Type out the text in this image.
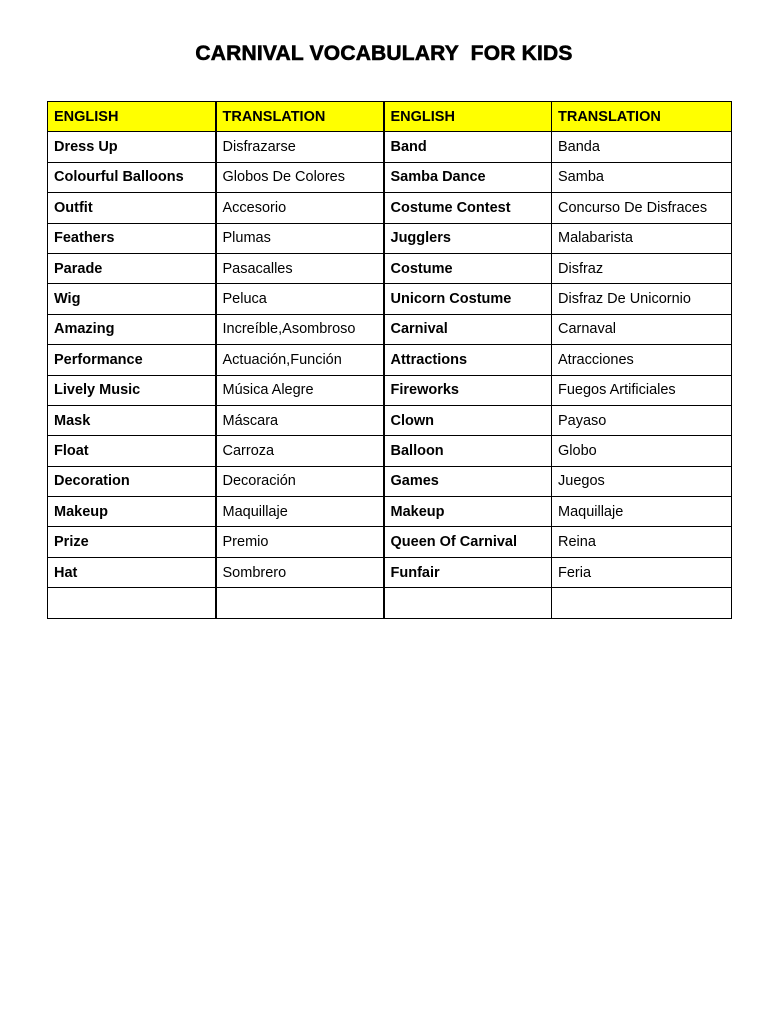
CARNIVAL VOCABULARY  FOR KIDS
ENGLISH	TRANSLATION	ENGLISH	TRANSLATION
Dress Up	Disfrazarse	Band	Banda
Colourful Balloons	Globos De Colores	Samba Dance	Samba
Outfit	Accesorio	Costume Contest	Concurso De Disfraces
Feathers	Plumas	Jugglers	Malabarista
Parade	Pasacalles	Costume	Disfraz
Wig	Peluca	Unicorn Costume	Disfraz De Unicornio
Amazing	Increíble,Asombroso	Carnival	Carnaval
Performance	Actuación,Función	Attractions	Atracciones
Lively Music	Música Alegre	Fireworks	Fuegos Artificiales
Mask	Máscara	Clown	Payaso
Float	Carroza	Balloon	Globo
Decoration	Decoración	Games	Juegos
Makeup	Maquillaje	Makeup	Maquillaje
Prize	Premio	Queen Of Carnival	Reina
Hat	Sombrero	Funfair	Feria
